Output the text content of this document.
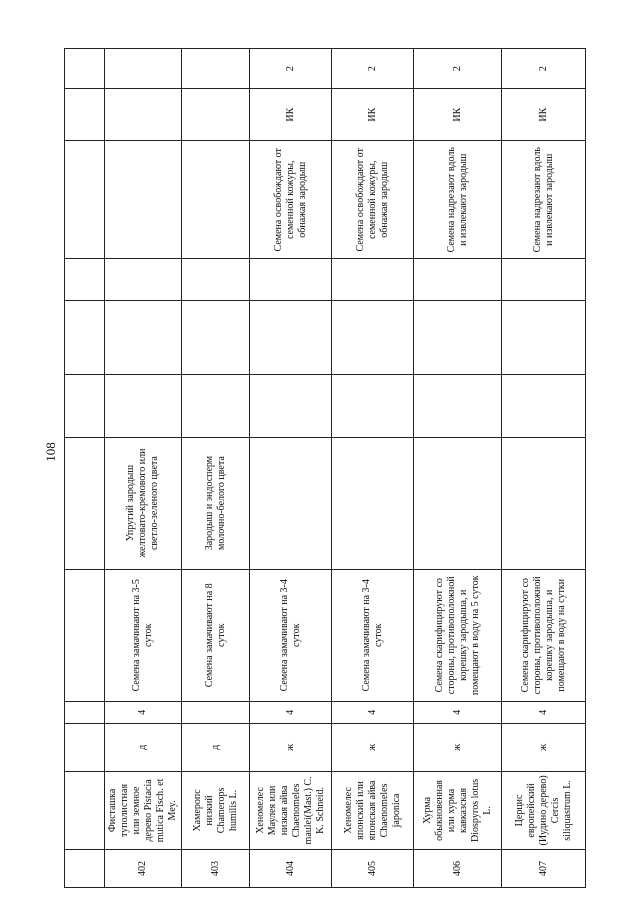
108

402	Фисташка туполистная или земное дерево Pistacia mutica Fisch. et Mey.	д	4	Семена замачивают на 3-5 суток	Упругий зародыш желтовато-кремового или светло-зеленого цвета						
403	Хамеропс низкий Chamerops humilis L.	д		Семена замачивают на 8 суток	Зародыш и эндосперм молочно-белого цвета						
404	Хеномелес Маулея или низкая айва Chaenomeles maulei(Mast.) C. K. Schneid.	ж	4	Семена замачивают на 3-4 суток					Семена освобождают от семенной кожуры, обнажая зародыш	ИК	2
405	Хеномелес японский или японская айва Chaenomeles japonica	ж	4	Семена замачивают на 3-4 суток					Семена освобождают от семенной кожуры, обнажая зародыш	ИК	2
406	Хурма обыкновенная или хурма кавказская Diospyros lotus L.	ж	4	Семена скарифицируют со стороны, противоположной корешку зародыша, и помещают в воду на 5 суток					Семена надрезают вдоль и извлекают зародыш	ИК	2
407	Церцис европейский (Иудино дерево) Cercis siliquastrum L.	ж	4	Семена скарифицируют со стороны, противоположной корешку зародыша, и помещают в воду на сутки					Семена надрезают вдоль и извлекают зародыш	ИК	2
